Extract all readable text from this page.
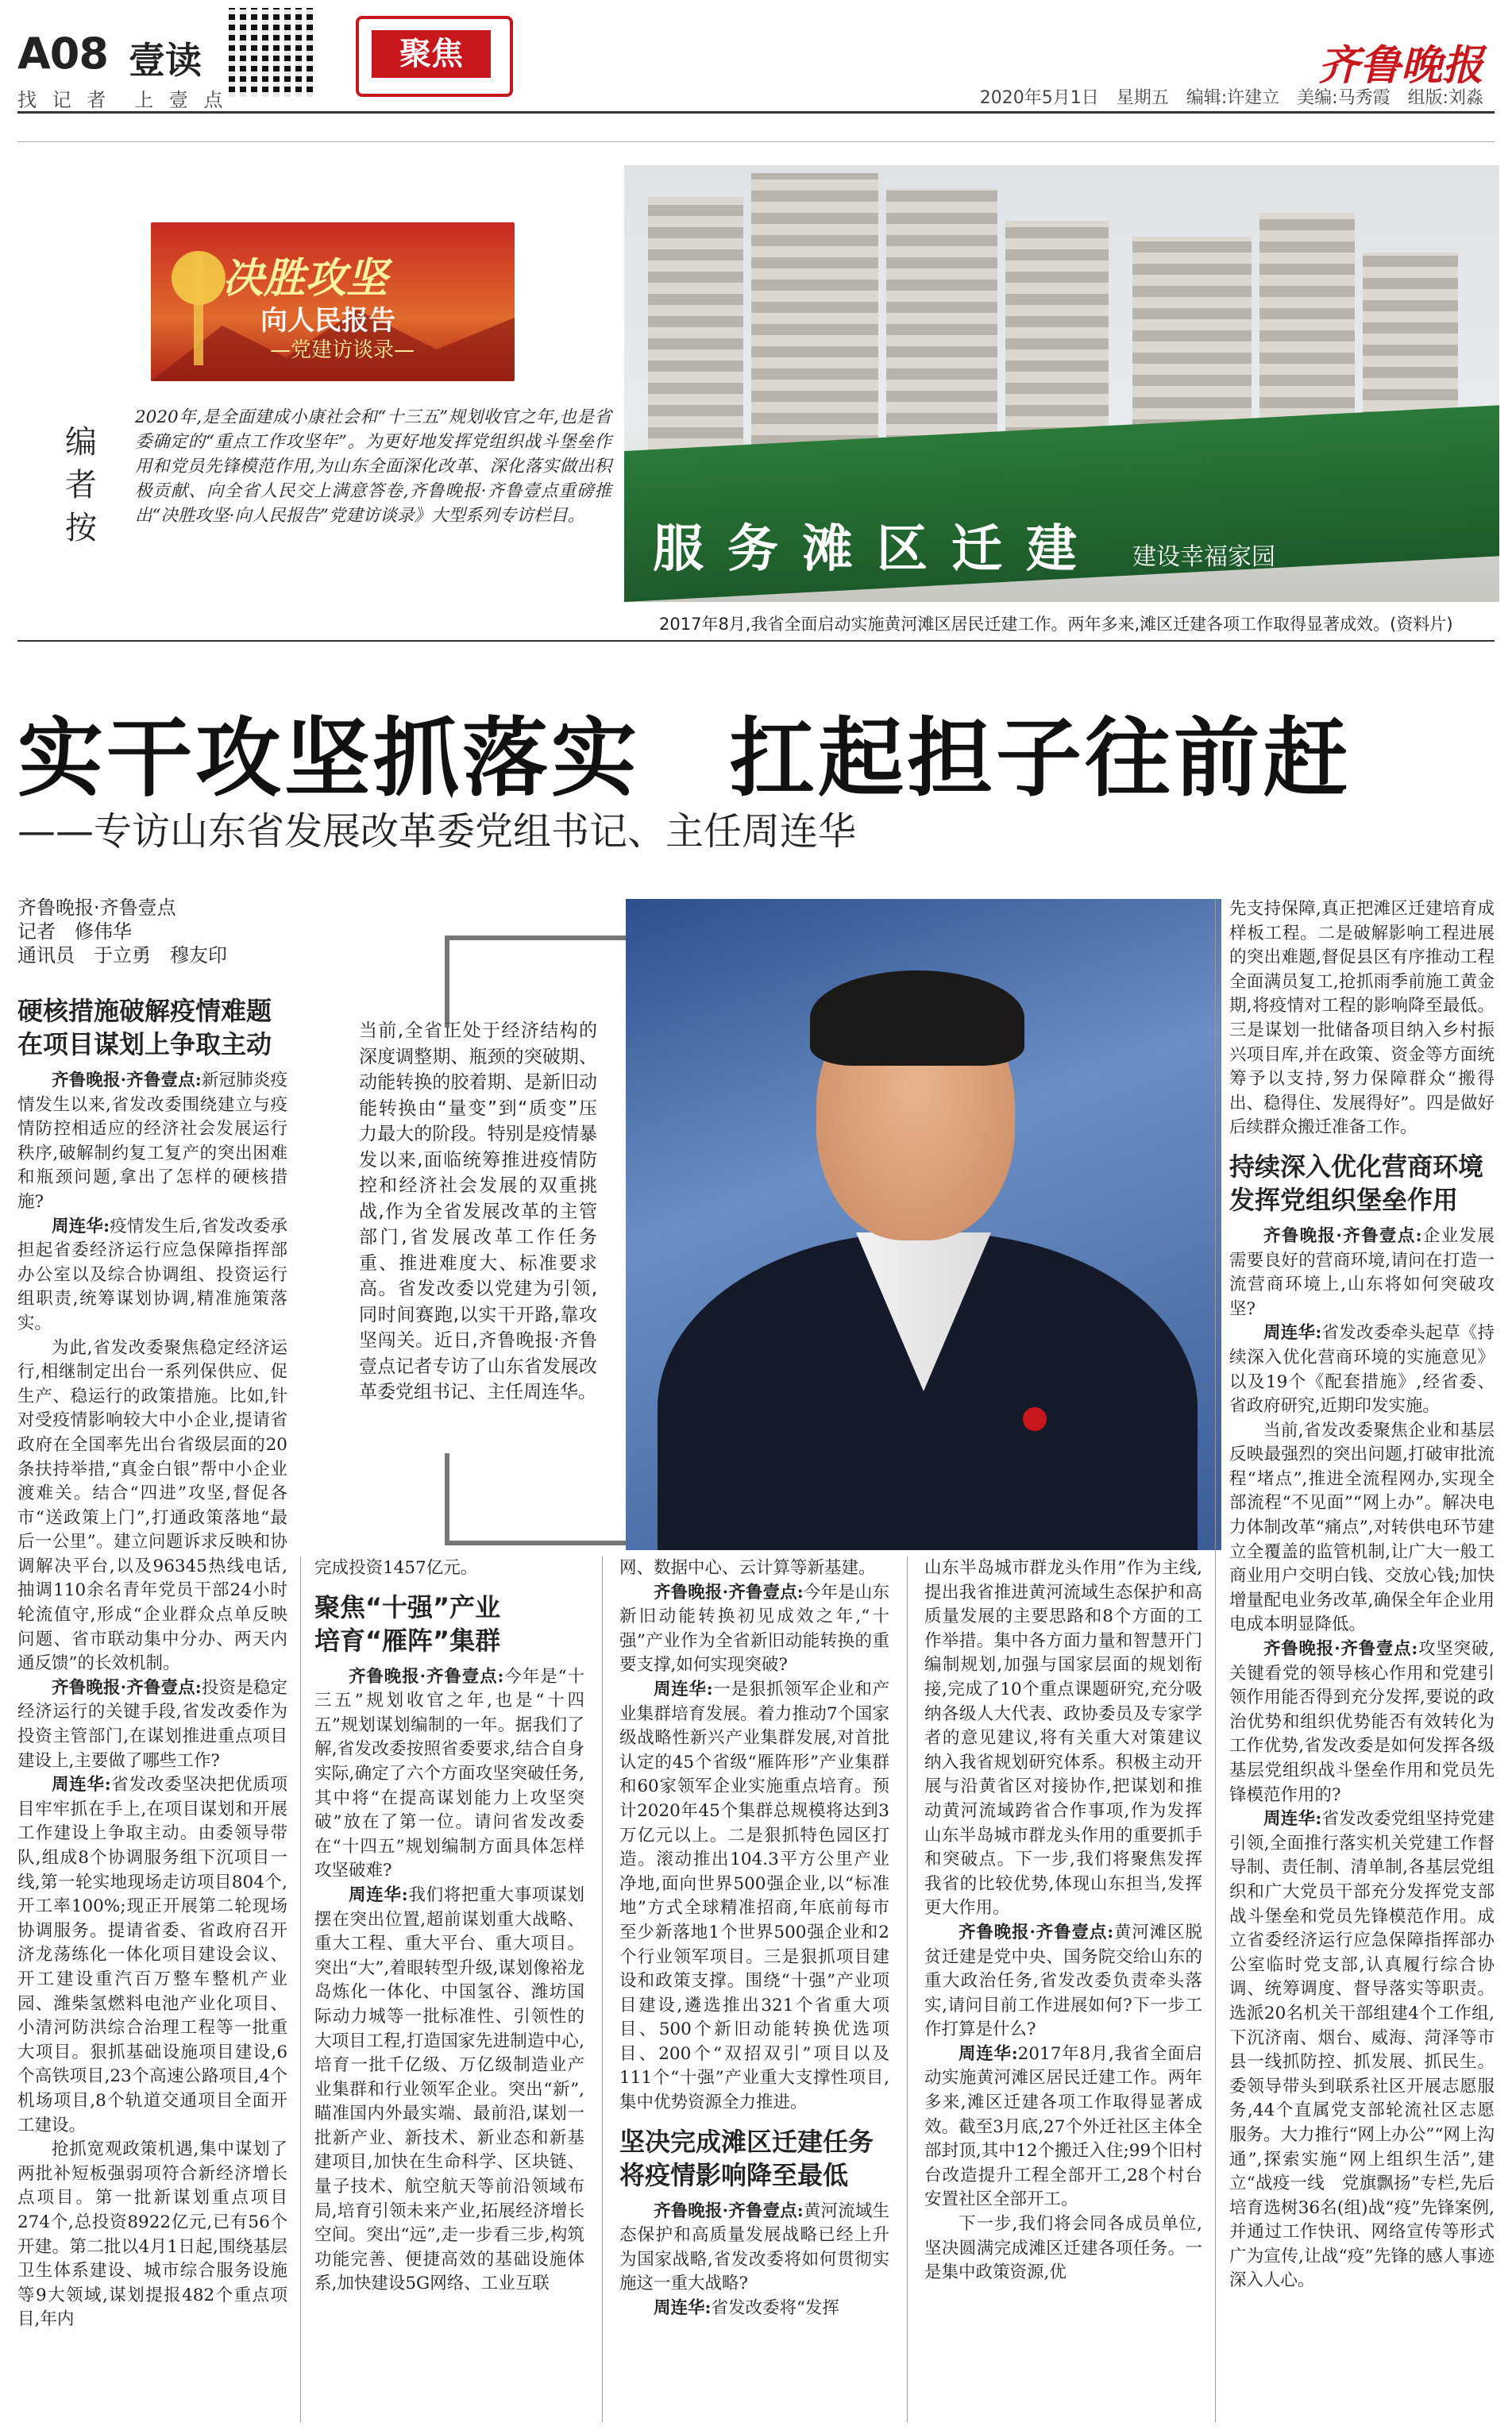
A08 壹读
找 记 者　上 壹 点
聚焦	齐鲁晚报
2020年5月1日　星期五　编辑:许建立　美编:马秀霞　组版:刘淼
决胜攻坚
向人民报告
—党建访谈录—
编者按
2020年,是全面建成小康社会和“十三五”规划收官之年,也是省委确定的“重点工作攻坚年”。为更好地发挥党组织战斗堡垒作用和党员先锋模范作用,为山东全面深化改革、深化落实做出积极贡献、向全省人民交上满意答卷,齐鲁晚报·齐鲁壹点重磅推出“决胜攻坚·向人民报告”党建访谈录》大型系列专访栏目。
服务滩区迁建 建设幸福家园
2017年8月,我省全面启动实施黄河滩区居民迁建工作。两年多来,滩区迁建各项工作取得显著成效。(资料片)
实干攻坚抓落实　扛起担子往前赶
——专访山东省发展改革委党组书记、主任周连华
齐鲁晚报·齐鲁壹点
记者　修伟华
通讯员　于立勇　穆友印
当前,全省正处于经济结构的深度调整期、瓶颈的突破期、动能转换的胶着期、是新旧动能转换由“量变”到“质变”压力最大的阶段。特别是疫情暴发以来,面临统筹推进疫情防控和经济社会发展的双重挑战,作为全省发展改革的主管部门,省发展改革工作任务重、推进难度大、标准要求高。省发改委以党建为引领,同时间赛跑,以实干开路,靠攻坚闯关。近日,齐鲁晚报·齐鲁壹点记者专访了山东省发展改革委党组书记、主任周连华。
硬核措施破解疫情难题
在项目谋划上争取主动

齐鲁晚报·齐鲁壹点:新冠肺炎疫情发生以来,省发改委围绕建立与疫情防控相适应的经济社会发展运行秩序,破解制约复工复产的突出困难和瓶颈问题,拿出了怎样的硬核措施?

周连华:疫情发生后,省发改委承担起省委经济运行应急保障指挥部办公室以及综合协调组、投资运行组职责,统筹谋划协调,精准施策落实。

为此,省发改委聚焦稳定经济运行,相继制定出台一系列保供应、促生产、稳运行的政策措施。比如,针对受疫情影响较大中小企业,提请省政府在全国率先出台省级层面的20条扶持举措,“真金白银”帮中小企业渡难关。结合“四进”攻坚,督促各市“送政策上门”,打通政策落地“最后一公里”。建立问题诉求反映和协调解决平台,以及96345热线电话,抽调110余名青年党员干部24小时轮流值守,形成“企业群众点单反映问题、省市联动集中分办、两天内通反馈”的长效机制。

齐鲁晚报·齐鲁壹点:投资是稳定经济运行的关键手段,省发改委作为投资主管部门,在谋划推进重点项目建设上,主要做了哪些工作?

周连华:省发改委坚决把优质项目牢牢抓在手上,在项目谋划和开展工作建设上争取主动。由委领导带队,组成8个协调服务组下沉项目一线,第一轮实地现场走访项目804个,开工率100%;现正开展第二轮现场协调服务。提请省委、省政府召开济龙荡练化一体化项目建设会议、开工建设重汽百万整车整机产业园、潍柴氢燃料电池产业化项目、小清河防洪综合治理工程等一批重大项目。狠抓基础设施项目建设,6个高铁项目,23个高速公路项目,4个机场项目,8个轨道交通项目全面开工建设。

抢抓宽观政策机遇,集中谋划了两批补短板强弱项符合新经济增长点项目。第一批新谋划重点项目274个,总投资8922亿元,已有56个开建。第二批以4月1日起,围绕基层卫生体系建设、城市综合服务设施等9大领域,谋划提报482个重点项目,年内

完成投资1457亿元。

聚焦“十强”产业
培育“雁阵”集群

齐鲁晚报·齐鲁壹点:今年是“十三五”规划收官之年,也是“十四五”规划谋划编制的一年。据我们了解,省发改委按照省委要求,结合自身实际,确定了六个方面攻坚突破任务,其中将“在提高谋划能力上攻坚突破”放在了第一位。请问省发改委在“十四五”规划编制方面具体怎样攻坚破难?

周连华:我们将把重大事项谋划摆在突出位置,超前谋划重大战略、重大工程、重大平台、重大项目。突出“大”,着眼转型升级,谋划像裕龙岛炼化一体化、中国氢谷、潍坊国际动力城等一批标准性、引领性的大项目工程,打造国家先进制造中心,培育一批千亿级、万亿级制造业产业集群和行业领军企业。突出“新”,瞄准国内外最实端、最前沿,谋划一批新产业、新技术、新业态和新基建项目,加快在生命科学、区块链、量子技术、航空航天等前沿领域布局,培育引领未来产业,拓展经济增长空间。突出“远”,走一步看三步,构筑功能完善、便捷高效的基础设施体系,加快建设5G网络、工业互联

网、数据中心、云计算等新基建。

齐鲁晚报·齐鲁壹点:今年是山东新旧动能转换初见成效之年,“十强”产业作为全省新旧动能转换的重要支撑,如何实现突破?

周连华:一是狠抓领军企业和产业集群培育发展。着力推动7个国家级战略性新兴产业集群发展,对首批认定的45个省级“雁阵形”产业集群和60家领军企业实施重点培育。预计2020年45个集群总规模将达到3万亿元以上。二是狠抓特色园区打造。滚动推出104.3平方公里产业净地,面向世界500强企业,以“标准地”方式全球精准招商,年底前每市至少新落地1个世界500强企业和2个行业领军项目。三是狠抓项目建设和政策支撑。围绕“十强”产业项目建设,遴选推出321个省重大项目、500个新旧动能转换优选项目、200个“双招双引”项目以及111个“十强”产业重大支撑性项目,集中优势资源全力推进。

坚决完成滩区迁建任务
将疫情影响降至最低

齐鲁晚报·齐鲁壹点:黄河流域生态保护和高质量发展战略已经上升为国家战略,省发改委将如何贯彻实施这一重大战略?

周连华:省发改委将“发挥

山东半岛城市群龙头作用”作为主线,提出我省推进黄河流域生态保护和高质量发展的主要思路和8个方面的工作举措。集中各方面力量和智慧开门编制规划,加强与国家层面的规划衔接,完成了10个重点课题研究,充分吸纳各级人大代表、政协委员及专家学者的意见建议,将有关重大对策建议纳入我省规划研究体系。积极主动开展与沿黄省区对接协作,把谋划和推动黄河流域跨省合作事项,作为发挥山东半岛城市群龙头作用的重要抓手和突破点。下一步,我们将聚焦发挥我省的比较优势,体现山东担当,发挥更大作用。

齐鲁晚报·齐鲁壹点:黄河滩区脱贫迁建是党中央、国务院交给山东的重大政治任务,省发改委负责牵头落实,请问目前工作进展如何?下一步工作打算是什么?

周连华:2017年8月,我省全面启动实施黄河滩区居民迁建工作。两年多来,滩区迁建各项工作取得显著成效。截至3月底,27个外迁社区主体全部封顶,其中12个搬迁入住;99个旧村台改造提升工程全部开工,28个村台安置社区全部开工。

下一步,我们将会同各成员单位,坚决圆满完成滩区迁建各项任务。一是集中政策资源,优

先支持保障,真正把滩区迁建培育成样板工程。二是破解影响工程进展的突出难题,督促县区有序推动工程全面满员复工,抢抓雨季前施工黄金期,将疫情对工程的影响降至最低。三是谋划一批储备项目纳入乡村振兴项目库,并在政策、资金等方面统筹予以支持,努力保障群众“搬得出、稳得住、发展得好”。四是做好后续群众搬迁准备工作。

持续深入优化营商环境
发挥党组织堡垒作用

齐鲁晚报·齐鲁壹点:企业发展需要良好的营商环境,请问在打造一流营商环境上,山东将如何突破攻坚?

周连华:省发改委牵头起草《持续深入优化营商环境的实施意见》以及19个《配套措施》,经省委、省政府研究,近期印发实施。

当前,省发改委聚焦企业和基层反映最强烈的突出问题,打破审批流程“堵点”,推进全流程网办,实现全部流程“不见面”“网上办”。解决电力体制改革“痛点”,对转供电环节建立全覆盖的监管机制,让广大一般工商业用户交明白钱、交放心钱;加快增量配电业务改革,确保全年企业用电成本明显降低。

齐鲁晚报·齐鲁壹点:攻坚突破,关键看党的领导核心作用和党建引领作用能否得到充分发挥,要说的政治优势和组织优势能否有效转化为工作优势,省发改委是如何发挥各级基层党组织战斗堡垒作用和党员先锋模范作用的?

周连华:省发改委党组坚持党建引领,全面推行落实机关党建工作督导制、责任制、清单制,各基层党组织和广大党员干部充分发挥党支部战斗堡垒和党员先锋模范作用。成立省委经济运行应急保障指挥部办公室临时党支部,认真履行综合协调、统筹调度、督导落实等职责。选派20名机关干部组建4个工作组,下沉济南、烟台、威海、菏泽等市县一线抓防控、抓发展、抓民生。委领导带头到联系社区开展志愿服务,44个直属党支部轮流社区志愿服务。大力推行“网上办公”“网上沟通”,探索实施“网上组织生活”,建立“战疫一线　党旗飘扬”专栏,先后培育选树36名(组)战“疫”先锋案例,并通过工作快讯、网络宣传等形式广为宣传,让战“疫”先锋的感人事迹深入人心。
